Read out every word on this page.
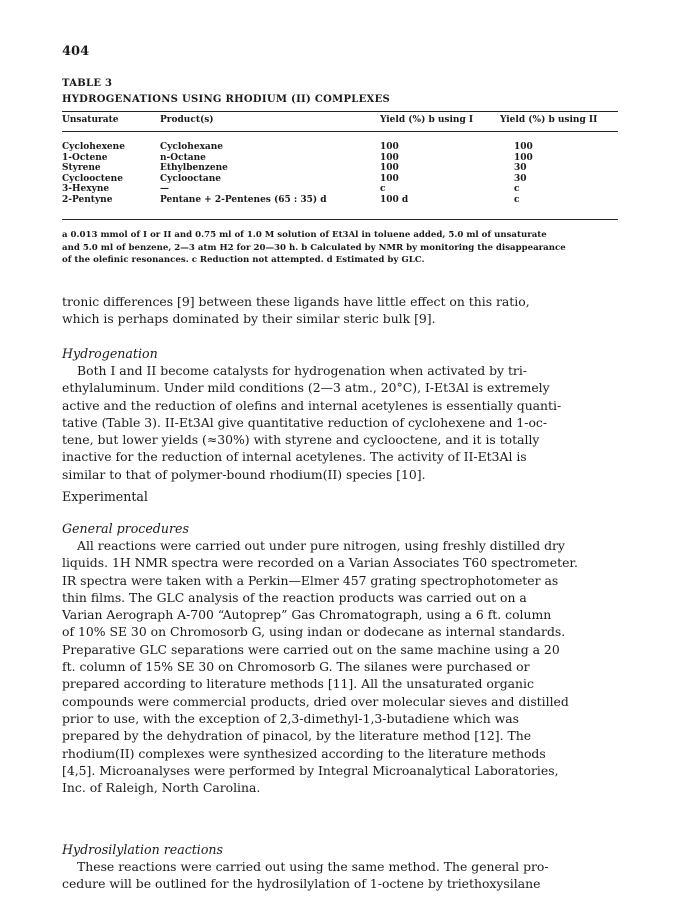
404
TABLE 3
HYDROGENATIONS USING RHODIUM (II) COMPLEXES
Unsaturate	Product(s)	Yield (%) b using I	Yield (%) b using II
Cyclohexene	Cyclohexane	100	100
1-Octene	n-Octane	100	100
Styrene	Ethylbenzene	100	30
Cyclooctene	Cyclooctane	100	30
3-Hexyne	—	c	c
2-Pentyne	Pentane + 2-Pentenes (65 : 35) d	100 d	c
a 0.013 mmol of I or II and 0.75 ml of 1.0 M solution of Et3Al in toluene added, 5.0 ml of unsaturate
and 5.0 ml of benzene, 2—3 atm H2 for 20—30 h. b Calculated by NMR by monitoring the disappearance
of the olefinic resonances. c Reduction not attempted. d Estimated by GLC.

tronic differences [9] between these ligands have little effect on this ratio,

which is perhaps dominated by their similar steric bulk [9].

Hydrogenation

Both I and II become catalysts for hydrogenation when activated by tri-

ethylaluminum. Under mild conditions (2—3 atm., 20°C), I-Et3Al is extremely

active and the reduction of olefins and internal acetylenes is essentially quanti-

tative (Table 3). II-Et3Al give quantitative reduction of cyclohexene and 1-oc-

tene, but lower yields (≈30%) with styrene and cyclooctene, and it is totally

inactive for the reduction of internal acetylenes. The activity of II-Et3Al is

similar to that of polymer-bound rhodium(II) species [10].

Experimental
General procedures

All reactions were carried out under pure nitrogen, using freshly distilled dry

liquids. 1H NMR spectra were recorded on a Varian Associates T60 spectrometer.

IR spectra were taken with a Perkin—Elmer 457 grating spectrophotometer as

thin films. The GLC analysis of the reaction products was carried out on a

Varian Aerograph A-700 “Autoprep” Gas Chromatograph, using a 6 ft. column

of 10% SE 30 on Chromosorb G, using indan or dodecane as internal standards.

Preparative GLC separations were carried out on the same machine using a 20

ft. column of 15% SE 30 on Chromosorb G. The silanes were purchased or

prepared according to literature methods [11]. All the unsaturated organic

compounds were commercial products, dried over molecular sieves and distilled

prior to use, with the exception of 2,3-dimethyl-1,3-butadiene which was

prepared by the dehydration of pinacol, by the literature method [12]. The

rhodium(II) complexes were synthesized according to the literature methods

[4,5]. Microanalyses were performed by Integral Microanalytical Laboratories,

Inc. of Raleigh, North Carolina.

Hydrosilylation reactions

These reactions were carried out using the same method. The general pro-

cedure will be outlined for the hydrosilylation of 1-octene by triethoxysilane
